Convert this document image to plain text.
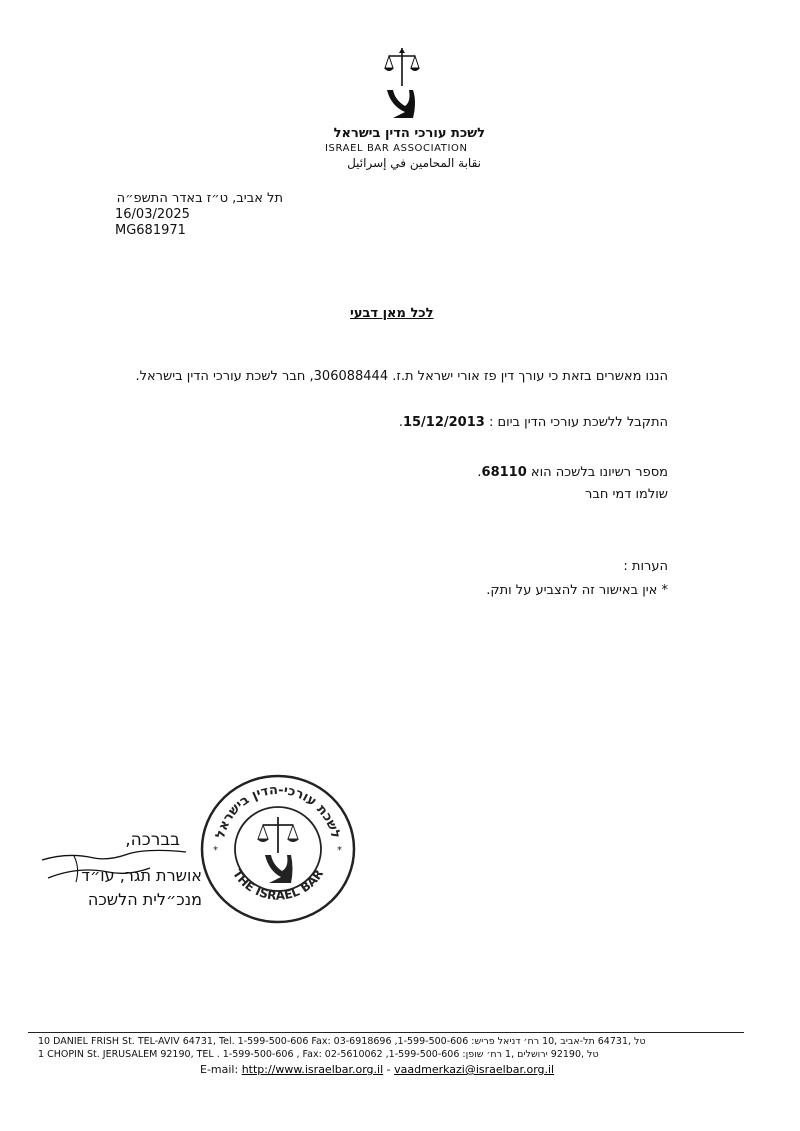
לשכת עורכי הדין בישראל
ISRAEL BAR ASSOCIATION
نقابة المحامين في إسرائيل
תל אביב, ט״ז באדר התשפ״ה
16/03/2025
MG681971
לכל מאן דבעי
הננו מאשרים בזאת כי עורך דין פז אורי ישראל ת.ז. 306088444, חבר לשכת עורכי הדין בישראל.
התקבל ללשכת עורכי הדין ביום : 15/12/2013.
מספר רשיונו בלשכה הוא 68110.
שולמו דמי חבר
הערות :
* אין באישור זה להצביע על ותק.
בברכה,
אושרת תגר, עו״ד
מנכ״לית הלשכה
לשכת עורכי-הדין בישראל
THE ISRAEL BAR
*	*
10 DANIEL FRISH St. TEL-AVIV 64731, Tel. 1-599-500-606 Fax: 03-6918696 ,1-599-500-606 :טל ,64731 תל-אביב ,10 רח׳ דניאל פריש
1 CHOPIN St. JERUSALEM 92190, TEL . 1-599-500-606 , Fax: 02-5610062 ,1-599-500-606 :טל ,92190 ירושלים ,1 רח׳ שופן
E-mail: http://www.israelbar.org.il - vaadmerkazi@israelbar.org.il
